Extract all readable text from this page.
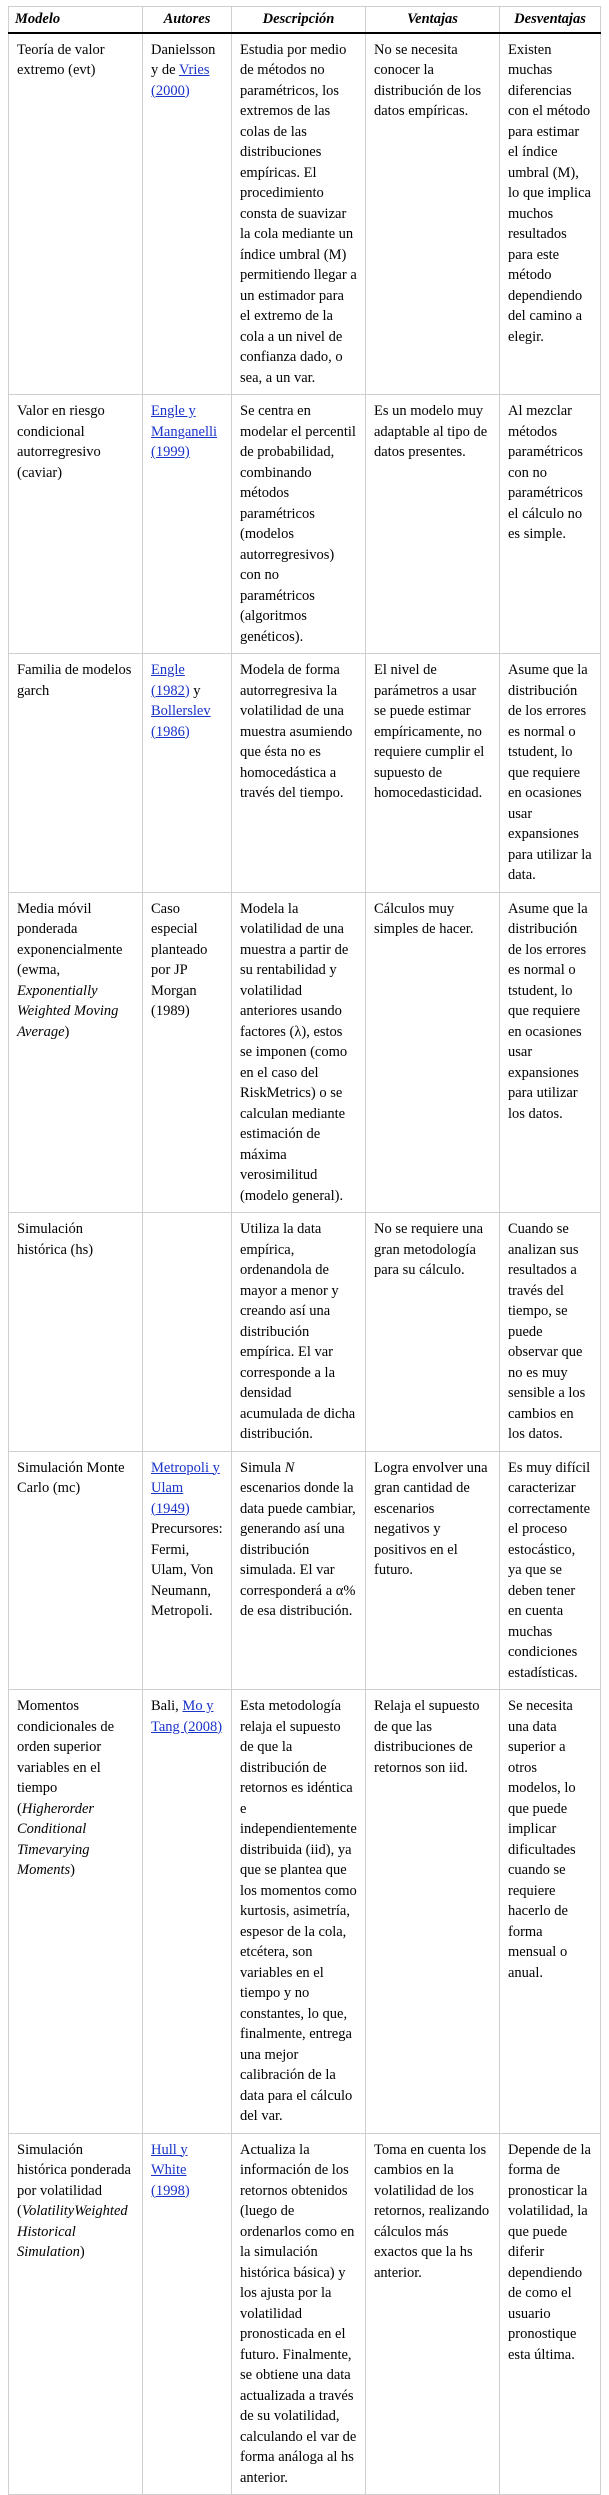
Modelo	Autores	Descripción	Ventajas	Desventajas
Teoría de valor extremo (evt)	Danielsson y de Vries (2000)	Estudia por medio de métodos no paramétricos, los extremos de las colas de las distribuciones empíricas. El procedimiento consta de suavizar la cola mediante un índice umbral (M) permitiendo llegar a un estimador para el extremo de la cola a un nivel de confianza dado, o sea, a un var.	No se necesita conocer la distribución de los datos empíricas.	Existen muchas diferencias con el método para estimar el índice umbral (M), lo que implica muchos resultados para este método dependiendo del camino a elegir.
Valor en riesgo condicional autorregresivo (caviar)	Engle y Manganelli (1999)	Se centra en modelar el percentil de probabilidad, combinando métodos paramétricos (modelos autorregresivos) con no paramétricos (algoritmos genéticos).	Es un modelo muy adaptable al tipo de datos presentes.	Al mezclar métodos paramétricos con no paramétricos el cálculo no es simple.
Familia de modelos garch	Engle (1982) y Bollerslev (1986)	Modela de forma autorregresiva la volatilidad de una muestra asumiendo que ésta no es homocedástica a través del tiempo.	El nivel de parámetros a usar se puede estimar empíricamente, no requiere cumplir el supuesto de homocedasticidad.	Asume que la distribución de los errores es normal o tstudent, lo que requiere en ocasiones usar expansiones para utilizar la data.
Media móvil ponderada exponencialmente (ewma, Exponentially Weighted Moving Average)	Caso especial planteado por JP Morgan (1989)	Modela la volatilidad de una muestra a partir de su rentabilidad y volatilidad anteriores usando factores (λ), estos se imponen (como en el caso del RiskMetrics) o se calculan mediante estimación de máxima verosimilitud (modelo general).	Cálculos muy simples de hacer.	Asume que la distribución de los errores es normal o tstudent, lo que requiere en ocasiones usar expansiones para utilizar los datos.
Simulación histórica (hs)		Utiliza la data empírica, ordenandola de mayor a menor y creando así una distribución empírica. El var corresponde a la densidad acumulada de dicha distribución.	No se requiere una gran metodología para su cálculo.	Cuando se analizan sus resultados a través del tiempo, se puede observar que no es muy sensible a los cambios en los datos.
Simulación Monte Carlo (mc)	Metropoli y Ulam (1949) Precursores: Fermi, Ulam, Von Neumann, Metropoli.	Simula N escenarios donde la data puede cambiar, generando así una distribución simulada. El var corresponderá a α% de esa distribución.	Logra envolver una gran cantidad de escenarios negativos y positivos en el futuro.	Es muy difícil caracterizar correctamente el proceso estocástico, ya que se deben tener en cuenta muchas condiciones estadísticas.
Momentos condicionales de orden superior variables en el tiempo (Higherorder Conditional Timevarying Moments)	Bali, Mo y Tang (2008)	Esta metodología relaja el supuesto de que la distribución de retornos es idéntica e independientemente distribuida (iid), ya que se plantea que los momentos como kurtosis, asimetría, espesor de la cola, etcétera, son variables en el tiempo y no constantes, lo que, finalmente, entrega una mejor calibración de la data para el cálculo del var.	Relaja el supuesto de que las distribuciones de retornos son iid.	Se necesita una data superior a otros modelos, lo que puede implicar dificultades cuando se requiere hacerlo de forma mensual o anual.
Simulación histórica ponderada por volatilidad (VolatilityWeighted Historical Simulation)	Hull y White (1998)	Actualiza la información de los retornos obtenidos (luego de ordenarlos como en la simulación histórica básica) y los ajusta por la volatilidad pronosticada en el futuro. Finalmente, se obtiene una data actualizada a través de su volatilidad, calculando el var de forma análoga al hs anterior.	Toma en cuenta los cambios en la volatilidad de los retornos, realizando cálculos más exactos que la hs anterior.	Depende de la forma de pronosticar la volatilidad, la que puede diferir dependiendo de como el usuario pronostique esta última.
